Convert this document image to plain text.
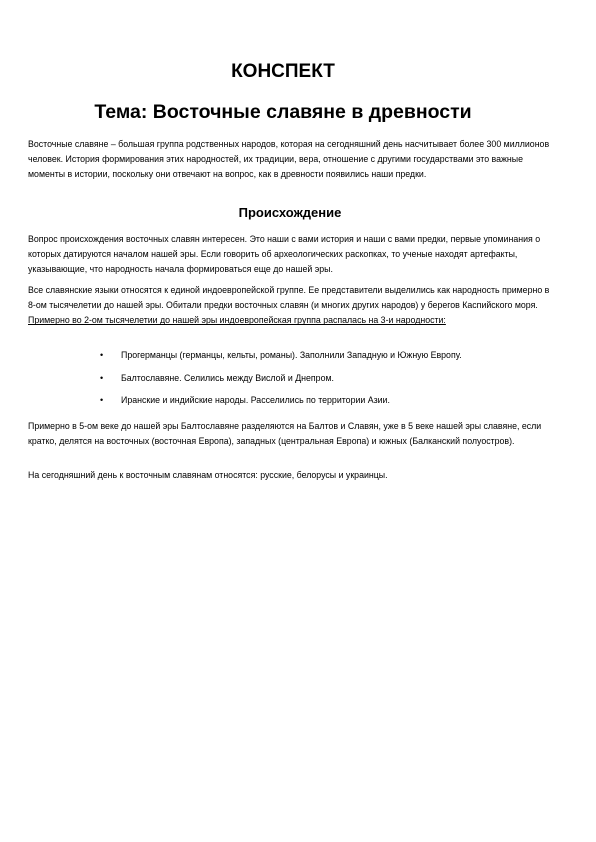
КОНСПЕКТ
Тема: Восточные славяне в древности

Восточные славяне – большая группа родственных народов, которая на сегодняшний день насчитывает более 300 миллионов человек. История формирования этих народностей, их традиции, вера, отношение с другими государствами это важные моменты в истории, поскольку они отвечают на вопрос, как в древности появились наши предки.

Происхождение

Вопрос происхождения восточных славян интересен. Это наши с вами история и наши с вами предки, первые упоминания о которых датируются началом нашей эры. Если говорить об археологических раскопках, то ученые находят артефакты, указывающие, что народность начала формироваться еще до нашей эры.

Все славянские языки относятся к единой индоевропейской группе. Ее представители выделились как народность примерно в 8-ом тысячелетии до нашей эры. Обитали предки восточных славян (и многих других народов) у берегов Каспийского моря. Примерно во 2-ом тысячелетии до нашей эры индоевропейская группа распалась на 3-и народности:

• Прогерманцы (германцы, кельты, романы). Заполнили Западную и Южную Европу.
• Балтославяне. Селились между Вислой и Днепром.
• Иранские и индийские народы. Расселились по территории Азии.

Примерно в 5-ом веке до нашей эры Балтославяне разделяются на Балтов и Славян, уже в 5 веке нашей эры славяне, если кратко, делятся на восточных (восточная Европа), западных (центральная Европа) и южных (Балканский полуостров).

На сегодняшний день к восточным славянам относятся: русские, белорусы и украинцы.
